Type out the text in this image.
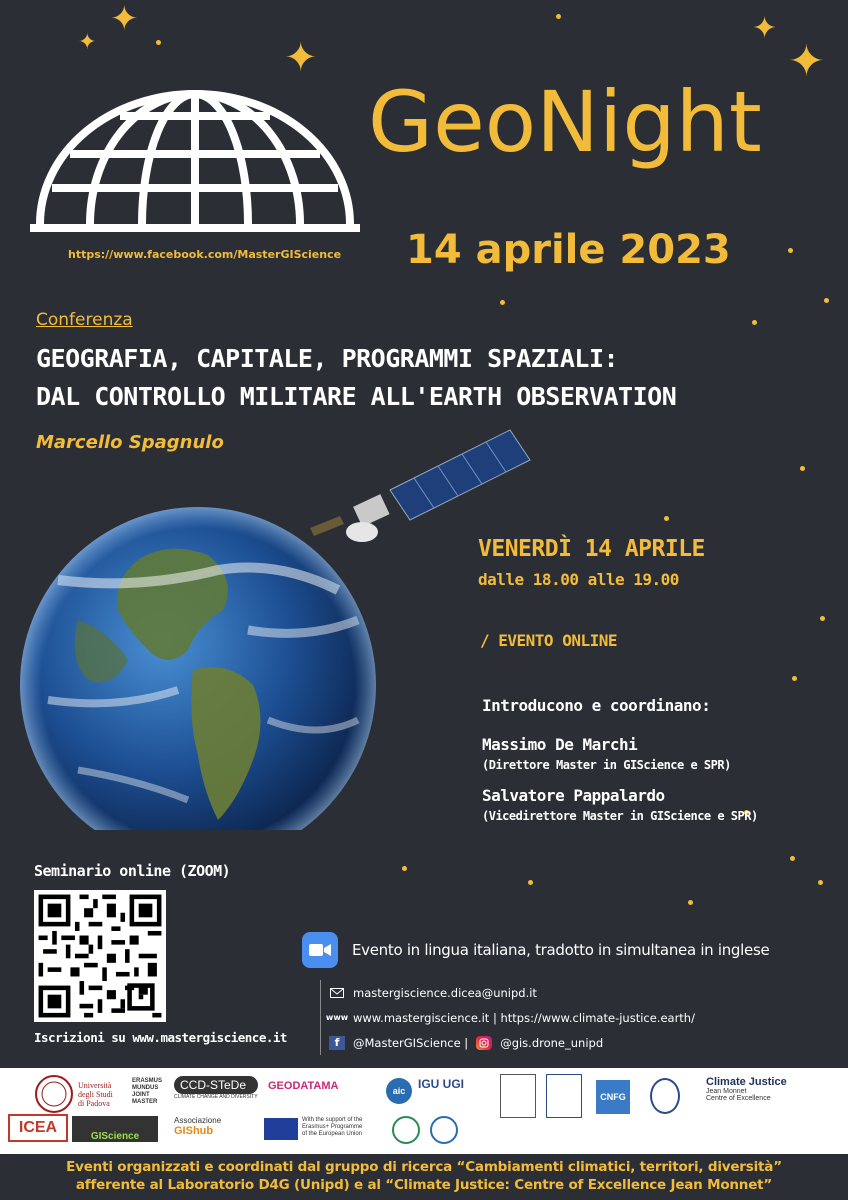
✦
✦	✦
✦
✦
GeoNight
https://www.facebook.com/MasterGIScience 14 aprile 2023
Conferenza
GEOGRAFIA, CAPITALE, PROGRAMMI SPAZIALI:
DAL CONTROLLO MILITARE ALL'EARTH OBSERVATION
Marcello Spagnulo
VENERDÌ 14 APRILE
dalle 18.00 alle 19.00
/ EVENTO ONLINE
Introducono e coordinano:
Massimo De Marchi
(Direttore Master in GIScience e SPR)
Salvatore Pappalardo
(Vicedirettore Master in GIScience e SPR)
Seminario online (ZOOM)
Iscrizioni su www.mastergiscience.it
Evento in lingua italiana, tradotto in simultanea in inglese
mastergiscience.dicea@unipd.it
www www.mastergiscience.it | https://www.climate-justice.earth/
f	@MasterGIScience |	@gis.drone_unipd
Università
degli Studi
di Padova
ERASMUS MUNDUS JOINT MASTER
CCD-STeDe
CLIMATE CHANGE AND DIVERSITY
GEODATAMA	aic	IGU UGI
CNFG
Climate Justice
Jean Monnet
Centre of Excellence
ICEA
GIScience
Associazione
GIShub
With the support of the
Erasmus+ Programme
of the European Union
Eventi organizzati e coordinati dal gruppo di ricerca “Cambiamenti climatici, territori, diversità”
afferente al Laboratorio D4G (Unipd) e al “Climate Justice: Centre of Excellence Jean Monnet”
